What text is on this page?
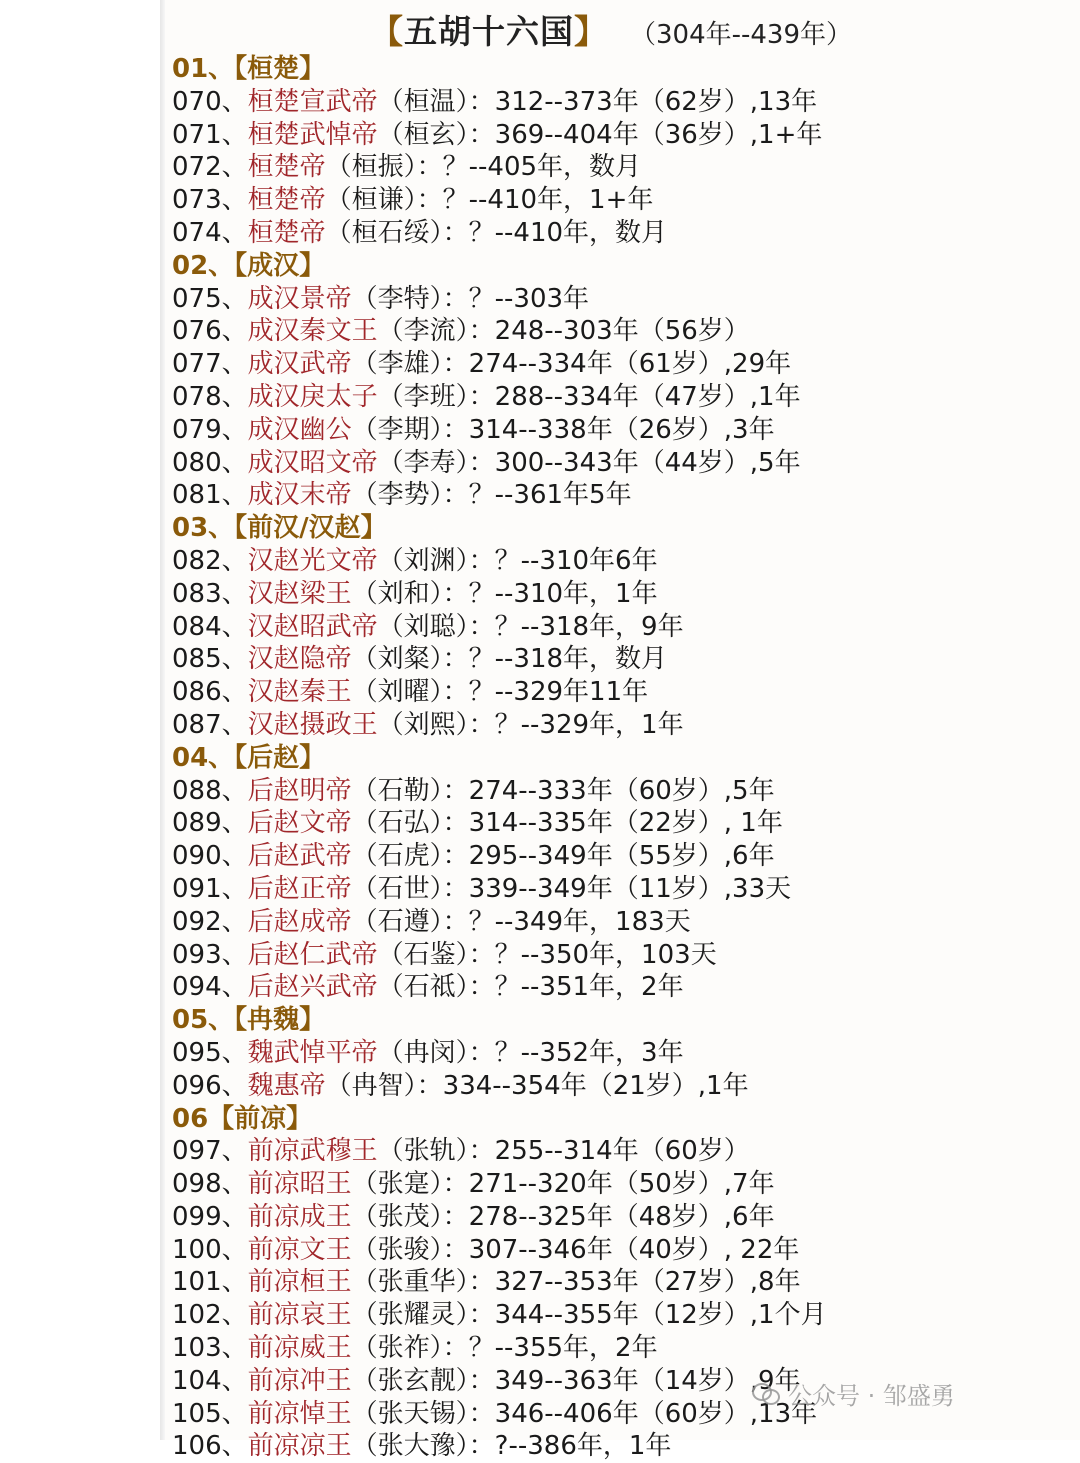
【五胡十六国】 （304年--439年）
01、【桓楚】
070、桓楚宣武帝（桓温）：312--373年（62岁）,13年
071、桓楚武悼帝（桓玄）：369--404年（36岁）,1+年
072、桓楚帝（桓振）：？--405年，数月
073、桓楚帝（桓谦）：？--410年，1+年
074、桓楚帝（桓石绥）：？--410年，数月
02、【成汉】
075、成汉景帝（李特）：？--303年
076、成汉秦文王（李流）：248--303年（56岁）
077、成汉武帝（李雄）：274--334年（61岁）,29年
078、成汉戾太子（李班）：288--334年（47岁）,1年
079、成汉幽公（李期）：314--338年（26岁）,3年
080、成汉昭文帝（李寿）：300--343年（44岁）,5年
081、成汉末帝（李势）：？--361年5年
03、【前汉/汉赵】
082、汉赵光文帝（刘渊）：？--310年6年
083、汉赵梁王（刘和）：？--310年，1年
084、汉赵昭武帝（刘聪）：？--318年，9年
085、汉赵隐帝（刘粲）：？--318年，数月
086、汉赵秦王（刘曜）：？--329年11年
087、汉赵摄政王（刘熙）：？--329年，1年
04、【后赵】
088、后赵明帝（石勒）：274--333年（60岁）,5年
089、后赵文帝（石弘）：314--335年（22岁）, 1年
090、后赵武帝（石虎）：295--349年（55岁）,6年
091、后赵正帝（石世）：339--349年（11岁）,33天
092、后赵成帝（石遵）：？--349年，183天
093、后赵仁武帝（石鉴）：？--350年，103天
094、后赵兴武帝（石祗）：？--351年，2年
05、【冉魏】
095、魏武悼平帝（冉闵）：？--352年，3年
096、魏惠帝（冉智）：334--354年（21岁）,1年
06【前凉】
097、前凉武穆王（张轨）：255--314年（60岁）
098、前凉昭王（张寔）：271--320年（50岁）,7年
099、前凉成王（张茂）：278--325年（48岁）,6年
100、前凉文王（张骏）：307--346年（40岁）, 22年
101、前凉桓王（张重华）：327--353年（27岁）,8年
102、前凉哀王（张耀灵）：344--355年（12岁）,1个月
103、前凉威王（张祚）：？--355年，2年
104、前凉冲王（张玄靓）：349--363年（14岁）,9年
105、前凉悼王（张天锡）：346--406年（60岁）,13年
106、前凉凉王（张大豫）：?--386年，1年
公众号 · 邹盛勇
